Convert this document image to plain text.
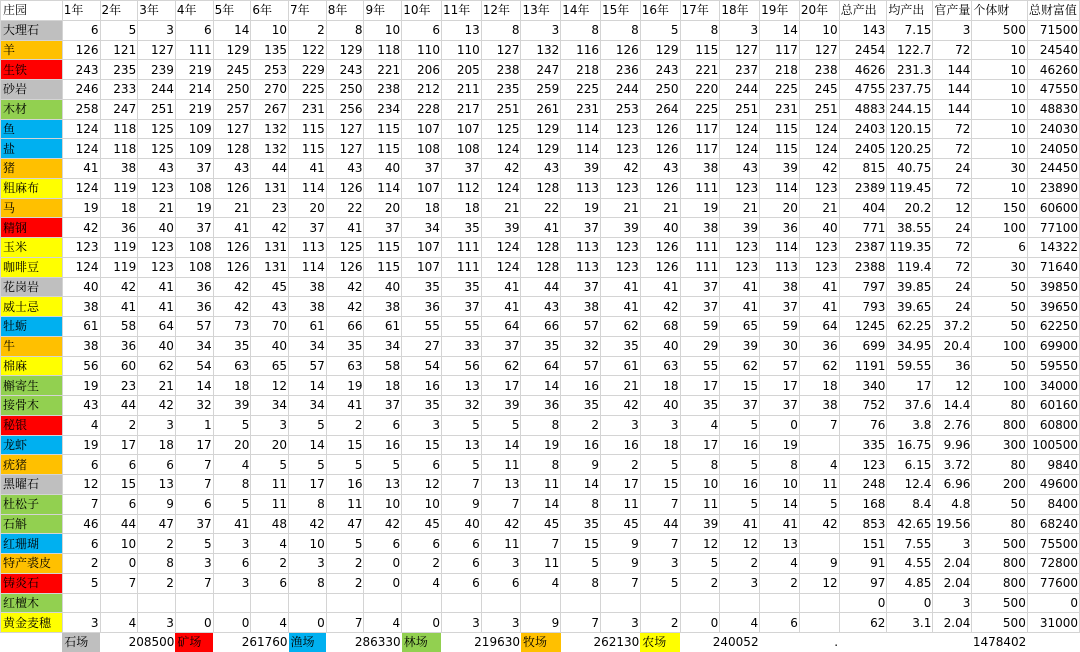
庄园	1年	2年	3年	4年	5年	6年	7年	8年	9年	10年	11年	12年	13年	14年	15年	16年	17年	18年	19年	20年	总产出	均产出	官产量	个体财	总财富值
大理石	6	5	3	6	14	10	2	8	10	6	13	8	3	8	8	5	8	3	14	10	143	7.15	3	500	71500
羊	126	121	127	111	129	135	122	129	118	110	110	127	132	116	126	129	115	127	117	127	2454	122.7	72	10	24540
生铁	243	235	239	219	245	253	229	243	221	206	205	238	247	218	236	243	221	237	218	238	4626	231.3	144	10	46260
砂岩	246	233	244	214	250	270	225	250	238	212	211	235	259	225	244	250	220	244	225	245	4755	237.75	144	10	47550
木材	258	247	251	219	257	267	231	256	234	228	217	251	261	231	253	264	225	251	231	251	4883	244.15	144	10	48830
鱼	124	118	125	109	127	132	115	127	115	107	107	125	129	114	123	126	117	124	115	124	2403	120.15	72	10	24030
盐	124	118	125	109	128	132	115	127	115	108	108	124	129	114	123	126	117	124	115	124	2405	120.25	72	10	24050
猪	41	38	43	37	43	44	41	43	40	37	37	42	43	39	42	43	38	43	39	42	815	40.75	24	30	24450
粗麻布	124	119	123	108	126	131	114	126	114	107	112	124	128	113	123	126	111	123	114	123	2389	119.45	72	10	23890
马	19	18	21	19	21	23	20	22	20	18	18	21	22	19	21	21	19	21	20	21	404	20.2	12	150	60600
精钢	42	36	40	37	41	42	37	41	37	34	35	39	41	37	39	40	38	39	36	40	771	38.55	24	100	77100
玉米	123	119	123	108	126	131	113	125	115	107	111	124	128	113	123	126	111	123	114	123	2387	119.35	72	6	14322
咖啡豆	124	119	123	108	126	131	114	126	115	107	111	124	128	113	123	126	111	123	113	123	2388	119.4	72	30	71640
花岗岩	40	42	41	36	42	45	38	42	40	35	35	41	44	37	41	41	37	41	38	41	797	39.85	24	50	39850
威士忌	38	41	41	36	42	43	38	42	38	36	37	41	43	38	41	42	37	41	37	41	793	39.65	24	50	39650
牡蛎	61	58	64	57	73	70	61	66	61	55	55	64	66	57	62	68	59	65	59	64	1245	62.25	37.2	50	62250
牛	38	36	40	34	35	40	34	35	34	27	33	37	35	32	35	40	29	39	30	36	699	34.95	20.4	100	69900
棉麻	56	60	62	54	63	65	57	63	58	54	56	62	64	57	61	63	55	62	57	62	1191	59.55	36	50	59550
槲寄生	19	23	21	14	18	12	14	19	18	16	13	17	14	16	21	18	17	15	17	18	340	17	12	100	34000
接骨木	43	44	42	32	39	34	34	41	37	35	32	39	36	35	42	40	35	37	37	38	752	37.6	14.4	80	60160
秘银	4	2	3	1	5	3	5	2	6	3	5	5	8	2	3	3	4	5	0	7	76	3.8	2.76	800	60800
龙虾	19	17	18	17	20	20	14	15	16	15	13	14	19	16	16	18	17	16	19		335	16.75	9.96	300	100500
疣猪	6	6	6	7	4	5	5	5	5	6	5	11	8	9	2	5	8	5	8	4	123	6.15	3.72	80	9840
黑曜石	12	15	13	7	8	11	17	16	13	12	7	13	11	14	17	15	10	16	10	11	248	12.4	6.96	200	49600
杜松子	7	6	9	6	5	11	8	11	10	10	9	7	14	8	11	7	11	5	14	5	168	8.4	4.8	50	8400
石斛	46	44	47	37	41	48	42	47	42	45	40	42	45	35	45	44	39	41	41	42	853	42.65	19.56	80	68240
红珊瑚	6	10	2	5	3	4	10	5	6	6	6	11	7	15	9	7	12	12	13		151	7.55	3	500	75500
特产裘皮	2	0	8	3	6	2	3	2	0	2	6	3	11	5	9	3	5	2	4	9	91	4.55	2.04	800	72800
铸炎石	5	7	2	7	3	6	8	2	0	4	6	6	4	8	7	5	2	3	2	12	97	4.85	2.04	800	77600
红檀木																					0	0	3	500	0
黄金麦穗	3	4	3	0	0	4	0	7	4	0	3	3	9	7	3	2	0	4	6		62	3.1	2.04	500	31000
	石场	208500		矿场	261760		渔场	286330		林场	219630		牧场	262130		农场	240052			.				1478402	
